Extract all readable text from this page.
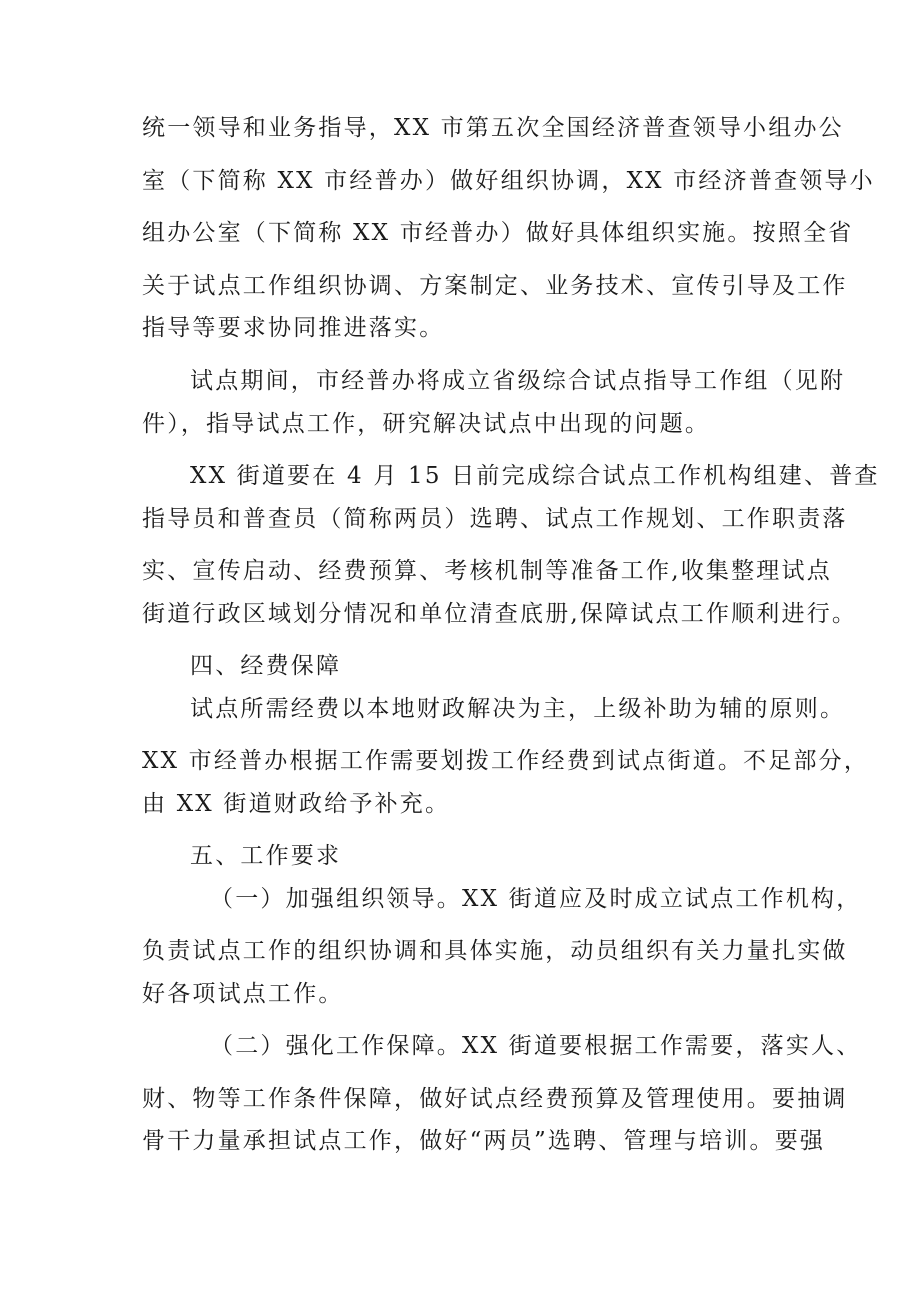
统一领导和业务指导，XX 市第五次全国经济普查领导小组办公
室（下简称 XX 市经普办）做好组织协调，XX 市经济普查领导小
组办公室（下简称 XX 市经普办）做好具体组织实施。按照全省
关于试点工作组织协调、方案制定、业务技术、宣传引导及工作
指导等要求协同推进落实。
试点期间，市经普办将成立省级综合试点指导工作组（见附
件），指导试点工作，研究解决试点中出现的问题。
XX 街道要在 4 月 15 日前完成综合试点工作机构组建、普查
指导员和普查员（简称两员）选聘、试点工作规划、工作职责落
实、宣传启动、经费预算、考核机制等准备工作,收集整理试点
街道行政区域划分情况和单位清查底册,保障试点工作顺利进行。
四、经费保障
试点所需经费以本地财政解决为主，上级补助为辅的原则。
XX 市经普办根据工作需要划拨工作经费到试点街道。不足部分，
由 XX 街道财政给予补充。
五、工作要求
（一）加强组织领导。XX 街道应及时成立试点工作机构，
负责试点工作的组织协调和具体实施，动员组织有关力量扎实做
好各项试点工作。
（二）强化工作保障。XX 街道要根据工作需要，落实人、
财、物等工作条件保障，做好试点经费预算及管理使用。要抽调
骨干力量承担试点工作，做好“两员”选聘、管理与培训。要强
